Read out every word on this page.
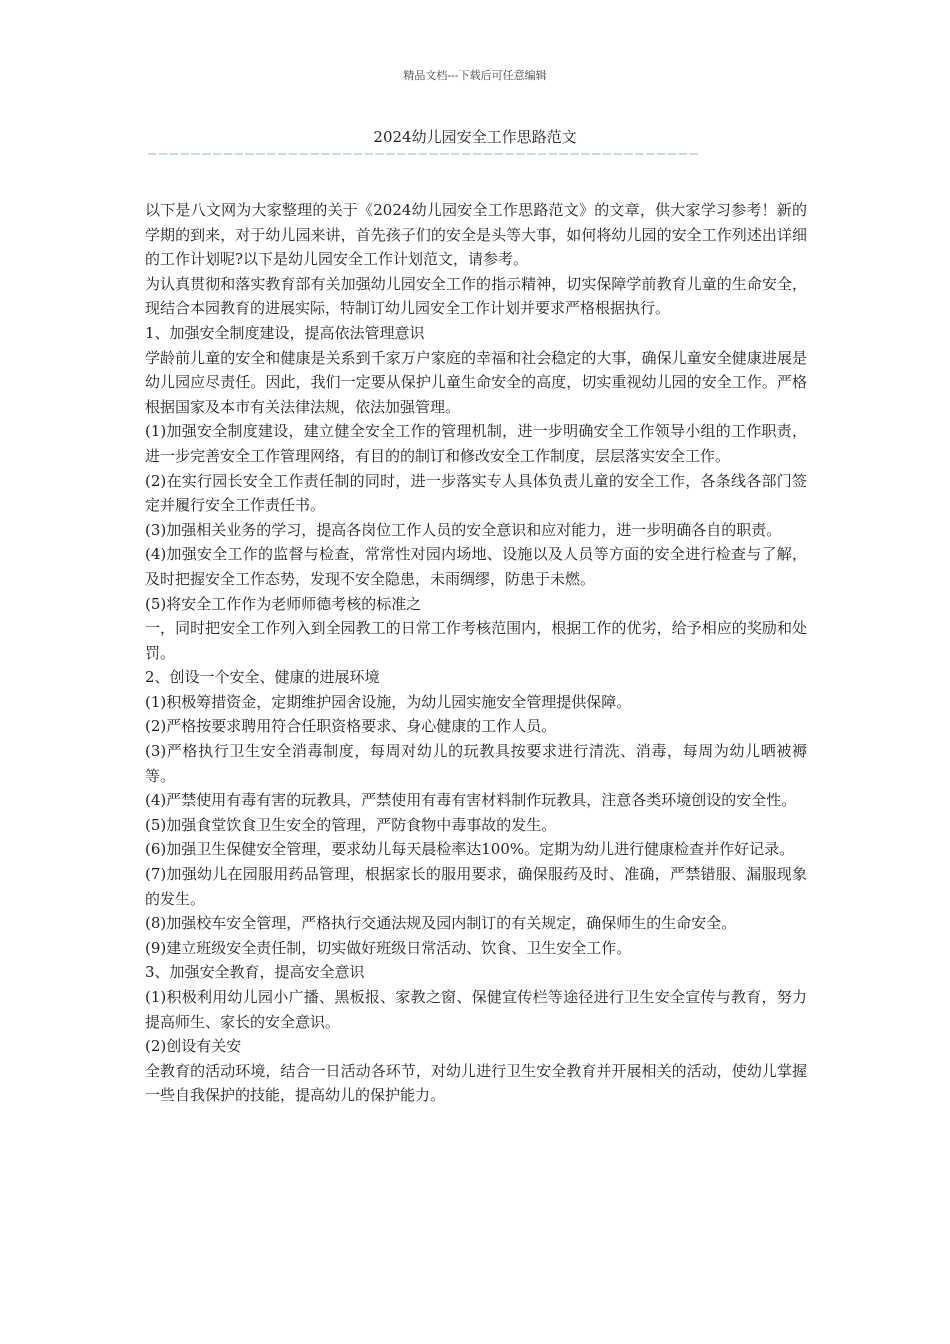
精品文档---下载后可任意编辑
2024幼儿园安全工作思路范文
———————————————————————————————————————————————————

以下是八文网为大家整理的关于《2024幼儿园安全工作思路范文》的文章，供大家学习参考！新的学期的到来，对于幼儿园来讲，首先孩子们的安全是头等大事，如何将幼儿园的安全工作列述出详细的工作计划呢?以下是幼儿园安全工作计划范文，请参考。

为认真贯彻和落实教育部有关加强幼儿园安全工作的指示精神，切实保障学前教育儿童的生命安全，现结合本园教育的进展实际，特制订幼儿园安全工作计划并要求严格根据执行。

1、加强安全制度建设，提高依法管理意识

学龄前儿童的安全和健康是关系到千家万户家庭的幸福和社会稳定的大事，确保儿童安全健康进展是幼儿园应尽责任。因此，我们一定要从保护儿童生命安全的高度，切实重视幼儿园的安全工作。严格根据国家及本市有关法律法规，依法加强管理。

(1)加强安全制度建设，建立健全安全工作的管理机制，进一步明确安全工作领导小组的工作职责，进一步完善安全工作管理网络，有目的的制订和修改安全工作制度，层层落实安全工作。

(2)在实行园长安全工作责任制的同时，进一步落实专人具体负责儿童的安全工作，各条线各部门签定并履行安全工作责任书。

(3)加强相关业务的学习，提高各岗位工作人员的安全意识和应对能力，进一步明确各自的职责。

(4)加强安全工作的监督与检查，常常性对园内场地、设施以及人员等方面的安全进行检查与了解，及时把握安全工作态势，发现不安全隐患，未雨绸缪，防患于未燃。

(5)将安全工作作为老师师德考核的标准之

一，同时把安全工作列入到全园教工的日常工作考核范围内，根据工作的优劣，给予相应的奖励和处罚。

2、创设一个安全、健康的进展环境

(1)积极筹措资金，定期维护园舍设施，为幼儿园实施安全管理提供保障。

(2)严格按要求聘用符合任职资格要求、身心健康的工作人员。

(3)严格执行卫生安全消毒制度，每周对幼儿的玩教具按要求进行清洗、消毒，每周为幼儿晒被褥等。

(4)严禁使用有毒有害的玩教具，严禁使用有毒有害材料制作玩教具，注意各类环境创设的安全性。

(5)加强食堂饮食卫生安全的管理，严防食物中毒事故的发生。

(6)加强卫生保健安全管理，要求幼儿每天晨检率达100%。定期为幼儿进行健康检查并作好记录。

(7)加强幼儿在园服用药品管理，根据家长的服用要求，确保服药及时、准确，严禁错服、漏服现象的发生。

(8)加强校车安全管理，严格执行交通法规及园内制订的有关规定，确保师生的生命安全。

(9)建立班级安全责任制，切实做好班级日常活动、饮食、卫生安全工作。

3、加强安全教育，提高安全意识

(1)积极利用幼儿园小广播、黑板报、家教之窗、保健宣传栏等途径进行卫生安全宣传与教育，努力提高师生、家长的安全意识。

(2)创设有关安

全教育的活动环境，结合一日活动各环节，对幼儿进行卫生安全教育并开展相关的活动，使幼儿掌握一些自我保护的技能，提高幼儿的保护能力。
